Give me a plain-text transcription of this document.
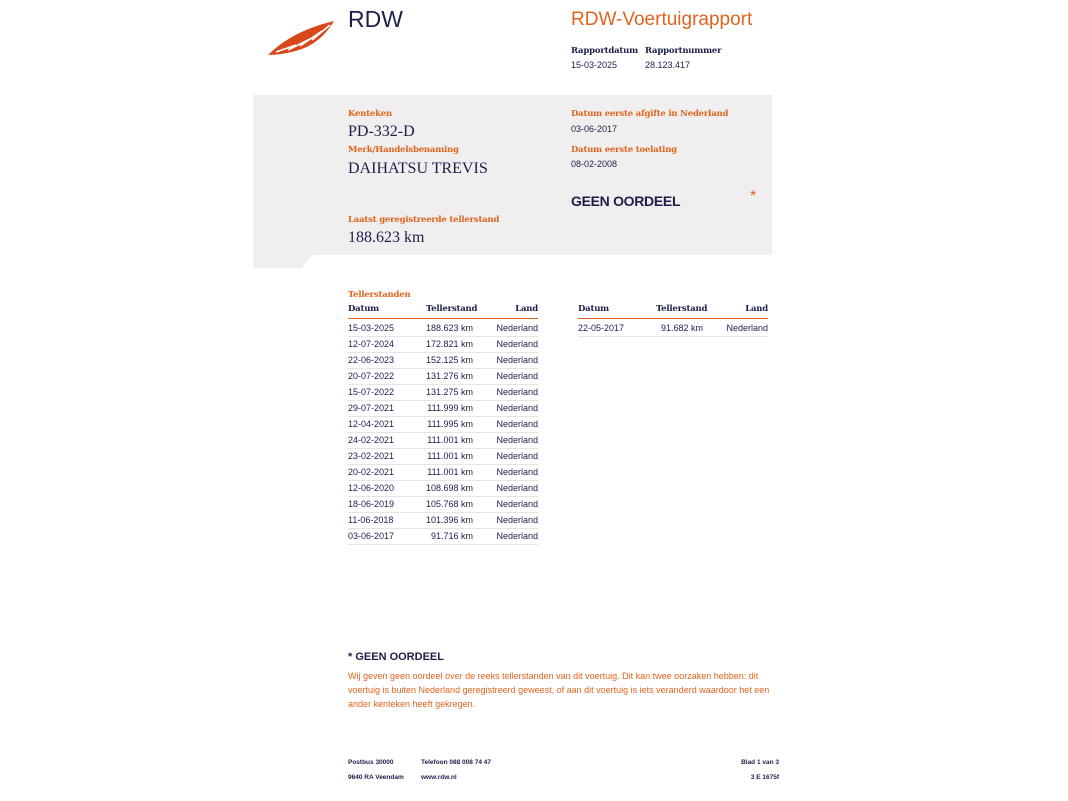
RDW	RDW-Voertuigrapport
Rapportdatum
15-03-2025
Rapportnummer
28.123.417
Kenteken
PD-332-D
Merk/Handelsbenaming
DAIHATSU TREVIS
Datum eerste afgifte in Nederland
03-06-2017
Datum eerste toelating
08-02-2008
GEEN OORDEEL	*
Laatst geregistreerde tellerstand
188.623 km
Tellerstanden
Datum	Tellerstand	Land
15-03-2025	188.623 km	Nederland
12-07-2024	172.821 km	Nederland
22-06-2023	152.125 km	Nederland
20-07-2022	131.276 km	Nederland
15-07-2022	131.275 km	Nederland
29-07-2021	111.999 km	Nederland
12-04-2021	111.995 km	Nederland
24-02-2021	111.001 km	Nederland
23-02-2021	111.001 km	Nederland
20-02-2021	111.001 km	Nederland
12-06-2020	108.698 km	Nederland
18-06-2019	105.768 km	Nederland
11-06-2018	101.396 km	Nederland
03-06-2017	91.716 km	Nederland
Datum	Tellerstand	Land
22-05-2017	91.682 km	Nederland
* GEEN OORDEEL
Wij geven geen oordeel over de reeks tellerstanden van dit voertuig. Dit kan twee oorzaken hebben: dit
voertuig is buiten Nederland geregistreerd geweest, of aan dit voertuig is iets veranderd waardoor het een
ander kenteken heeft gekregen.
Postbus 30000
9640 RA Veendam
Telefoon 088 008 74 47
www.rdw.nl
Blad 1 van 3
3 E 1675f
